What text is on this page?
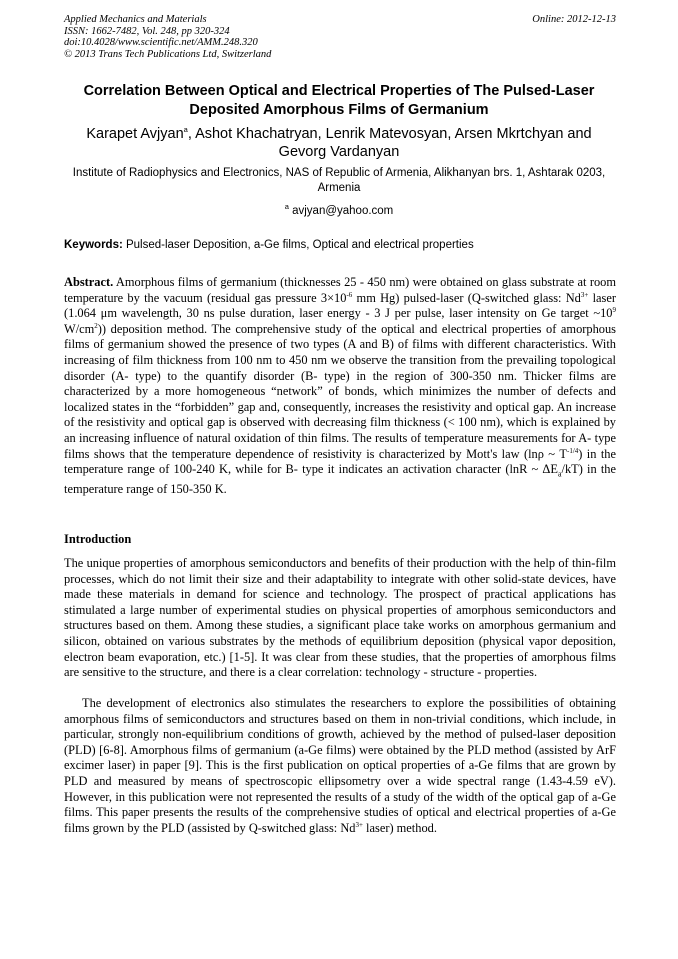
Applied Mechanics and Materials
ISSN: 1662-7482, Vol. 248, pp 320-324
doi:10.4028/www.scientific.net/AMM.248.320
© 2013 Trans Tech Publications Ltd, Switzerland
Online: 2012-12-13
Correlation Between Optical and Electrical Properties of The Pulsed-Laser Deposited Amorphous Films of Germanium
Karapet Avjyan$^a$, Ashot Khachatryan, Lenrik Matevosyan, Arsen Mkrtchyan and Gevorg Vardanyan
Institute of Radiophysics and Electronics, NAS of Republic of Armenia, Alikhanyan brs. 1, Ashtarak 0203, Armenia
$^a$ avjyan@yahoo.com
Keywords: Pulsed-laser Deposition, a-Ge films, Optical and electrical properties
Abstract. Amorphous films of germanium (thicknesses 25 - 450 nm) were obtained on glass substrate at room temperature by the vacuum (residual gas pressure $3\times 10^{-6}$ mm Hg) pulsed-laser (Q-switched glass: $Nd^{3+}$ laser (1.064 μm wavelength, 30 ns pulse duration, laser energy - 3 J per pulse, laser intensity on Ge target $\sim 10^9$ $W/cm^2$)) deposition method. The comprehensive study of the optical and electrical properties of amorphous films of germanium showed the presence of two types (A and B) of films with different characteristics. With increasing of film thickness from 100 nm to 450 nm we observe the transition from the prevailing topological disorder (A- type) to the quantify disorder (B- type) in the region of 300-350 nm. Thicker films are characterized by a more homogeneous “network” of bonds, which minimizes the number of defects and localized states in the “forbidden” gap and, consequently, increases the resistivity and optical gap. An increase of the resistivity and optical gap is observed with decreasing film thickness (< 100 nm), which is explained by an increasing influence of natural oxidation of thin films. The results of temperature measurements for A- type films shows that the temperature dependence of resistivity is characterized by Mott's law (lnρ ~ $T^{-1/4}$) in the temperature range of 100-240 K, while for B- type it indicates an activation character (lnR ~ $\Delta E_a/kT$) in the temperature range of 150-350 K.
Introduction
The unique properties of amorphous semiconductors and benefits of their production with the help of thin-film processes, which do not limit their size and their adaptability to integrate with other solid-state devices, have made these materials in demand for science and technology. The prospect of practical applications has stimulated a large number of experimental studies on physical properties of amorphous semiconductors and structures based on them. Among these studies, a significant place take works on amorphous germanium and silicon, obtained on various substrates by the methods of equilibrium deposition (physical vapor deposition, electron beam evaporation, etc.) [1-5]. It was clear from these studies, that the properties of amorphous films are sensitive to the structure, and there is a clear correlation: technology - structure - properties.
The development of electronics also stimulates the researchers to explore the possibilities of obtaining amorphous films of semiconductors and structures based on them in non-trivial conditions, which include, in particular, strongly non-equilibrium conditions of growth, achieved by the method of pulsed-laser deposition (PLD) [6-8]. Amorphous films of germanium (a-Ge films) were obtained by the PLD method (assisted by ArF excimer laser) in paper [9]. This is the first publication on optical properties of a-Ge films that are grown by PLD and measured by means of spectroscopic ellipsometry over a wide spectral range (1.43-4.59 eV). However, in this publication were not represented the results of a study of the width of the optical gap of a-Ge films. This paper presents the results of the comprehensive studies of optical and electrical properties of a-Ge films grown by the PLD (assisted by Q-switched glass: $Nd^{3+}$ laser) method.
